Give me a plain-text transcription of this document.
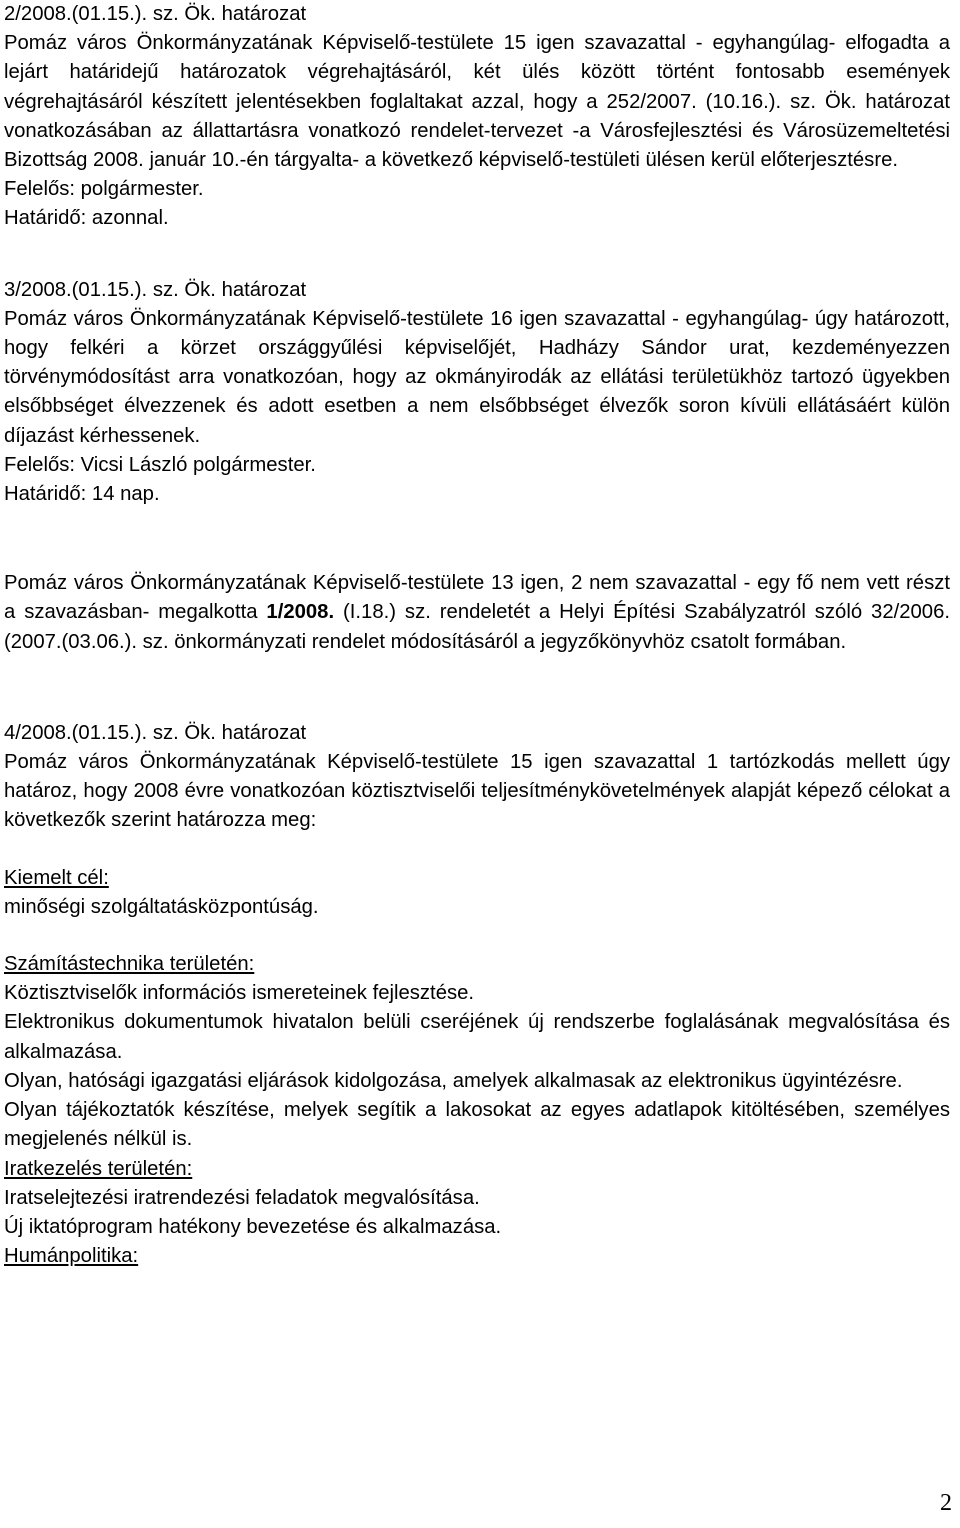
2/2008.(01.15.). sz. Ök. határozat

Pomáz város Önkormányzatának Képviselő-testülete 15 igen szavazattal - egyhangúlag- elfogadta a lejárt határidejű határozatok végrehajtásáról, két ülés között történt fontosabb események végrehajtásáról készített jelentésekben foglaltakat azzal, hogy a 252/2007. (10.16.). sz. Ök. határozat vonatkozásában az állattartásra vonatkozó rendelet-tervezet -a Városfejlesztési és Városüzemeltetési Bizottság 2008. január 10.-én tárgyalta- a következő képviselő-testületi ülésen kerül előterjesztésre.

Felelős: polgármester.

Határidő: azonnal.

3/2008.(01.15.). sz. Ök. határozat

Pomáz város Önkormányzatának Képviselő-testülete 16 igen szavazattal - egyhangúlag- úgy határozott, hogy felkéri a körzet országgyűlési képviselőjét, Hadházy Sándor urat, kezdeményezzen törvénymódosítást arra vonatkozóan, hogy az okmányirodák az ellátási területükhöz tartozó ügyekben elsőbbséget élvezzenek és adott esetben a nem elsőbbséget élvezők soron kívüli ellátásáért külön díjazást kérhessenek.

Felelős: Vicsi László polgármester.

Határidő: 14 nap.

Pomáz város Önkormányzatának Képviselő-testülete 13 igen, 2 nem szavazattal - egy fő nem vett részt a szavazásban- megalkotta 1/2008. (I.18.) sz. rendeletét a Helyi Építési Szabályzatról szóló 32/2006. (2007.(03.06.). sz. önkormányzati rendelet módosításáról a jegyzőkönyvhöz csatolt formában.

4/2008.(01.15.). sz. Ök. határozat

Pomáz város Önkormányzatának Képviselő-testülete 15 igen szavazattal 1 tartózkodás mellett úgy határoz, hogy 2008 évre vonatkozóan köztisztviselői teljesítménykövetelmények alapját képező célokat a következők szerint határozza meg:

Kiemelt cél:

minőségi szolgáltatásközpontúság.

Számítástechnika területén:

Köztisztviselők információs ismereteinek fejlesztése.

Elektronikus dokumentumok hivatalon belüli cseréjének új rendszerbe foglalásának megvalósítása és alkalmazása.

Olyan, hatósági igazgatási eljárások kidolgozása, amelyek alkalmasak az elektronikus ügyintézésre.

Olyan tájékoztatók készítése, melyek segítik a lakosokat az egyes adatlapok kitöltésében, személyes megjelenés nélkül is.

Iratkezelés területén:

Iratselejtezési iratrendezési feladatok megvalósítása.

Új iktatóprogram hatékony bevezetése és alkalmazása.

Humánpolitika:

2
